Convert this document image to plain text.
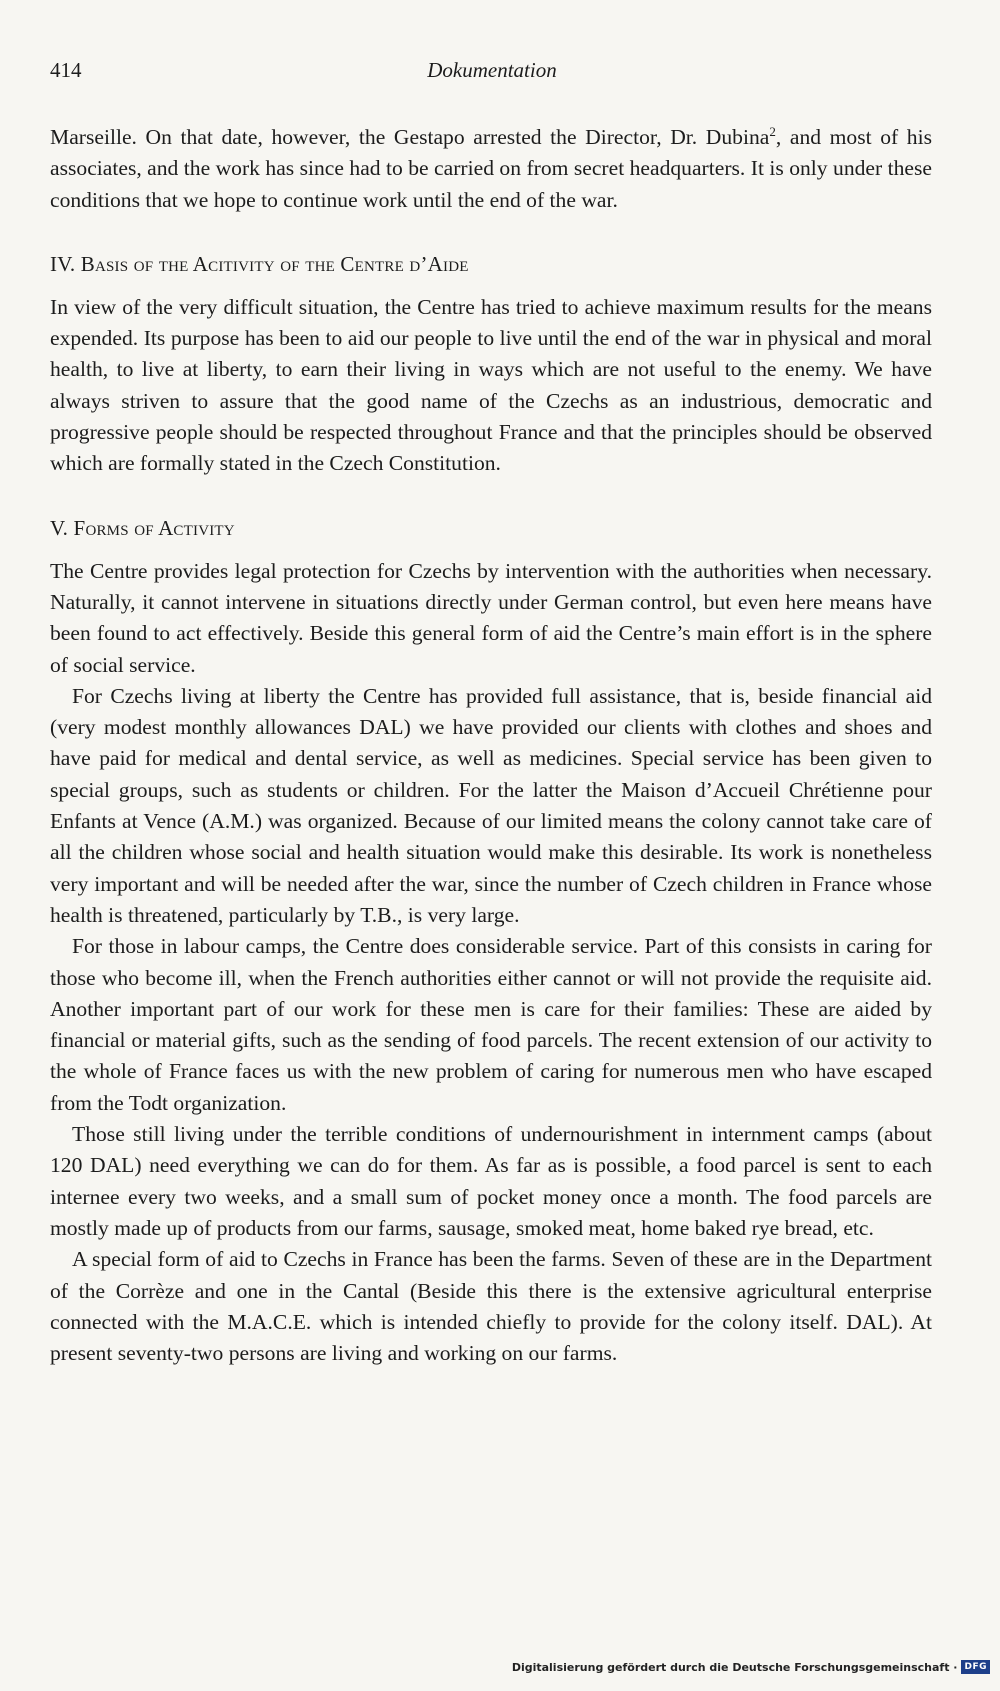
414	Dokumentation

Marseille. On that date, however, the Gestapo arrested the Director, Dr. Dubina$^2$, and most of his associates, and the work has since had to be carried on from secret headquarters. It is only under these conditions that we hope to continue work until the end of the war.

IV. Basis of the Acitivity of the Centre d’Aide

In view of the very difficult situation, the Centre has tried to achieve maximum results for the means expended. Its purpose has been to aid our people to live until the end of the war in physical and moral health, to live at liberty, to earn their living in ways which are not useful to the enemy. We have always striven to assure that the good name of the Czechs as an industrious, democratic and progressive people should be respected throughout France and that the principles should be observed which are formally stated in the Czech Constitution.

V. Forms of Activity

The Centre provides legal protection for Czechs by intervention with the authorities when necessary. Naturally, it cannot intervene in situations directly under German control, but even here means have been found to act effectively. Beside this general form of aid the Centre’s main effort is in the sphere of social service.

For Czechs living at liberty the Centre has provided full assistance, that is, beside financial aid (very modest monthly allowances DAL) we have provided our clients with clothes and shoes and have paid for medical and dental service, as well as medicines. Special service has been given to special groups, such as students or children. For the latter the Maison d’Accueil Chrétienne pour Enfants at Vence (A.M.) was organized. Because of our limited means the colony cannot take care of all the children whose social and health situation would make this desirable. Its work is nonetheless very important and will be needed after the war, since the number of Czech children in France whose health is threatened, particularly by T.B., is very large.

For those in labour camps, the Centre does considerable service. Part of this consists in caring for those who become ill, when the French authorities either cannot or will not provide the requisite aid. Another important part of our work for these men is care for their families: These are aided by financial or material gifts, such as the sending of food parcels. The recent extension of our activity to the whole of France faces us with the new problem of caring for numerous men who have escaped from the Todt organization.

Those still living under the terrible conditions of undernourishment in internment camps (about 120 DAL) need everything we can do for them. As far as is possible, a food parcel is sent to each internee every two weeks, and a small sum of pocket money once a month. The food parcels are mostly made up of products from our farms, sausage, smoked meat, home baked rye bread, etc.

A special form of aid to Czechs in France has been the farms. Seven of these are in the Department of the Corrèze and one in the Cantal (Beside this there is the extensive agricultural enterprise connected with the M.A.C.E. which is intended chiefly to provide for the colony itself. DAL). At present seventy-two persons are living and working on our farms.

Digitalisierung gefördert durch die Deutsche Forschungsgemeinschaft · DFG
